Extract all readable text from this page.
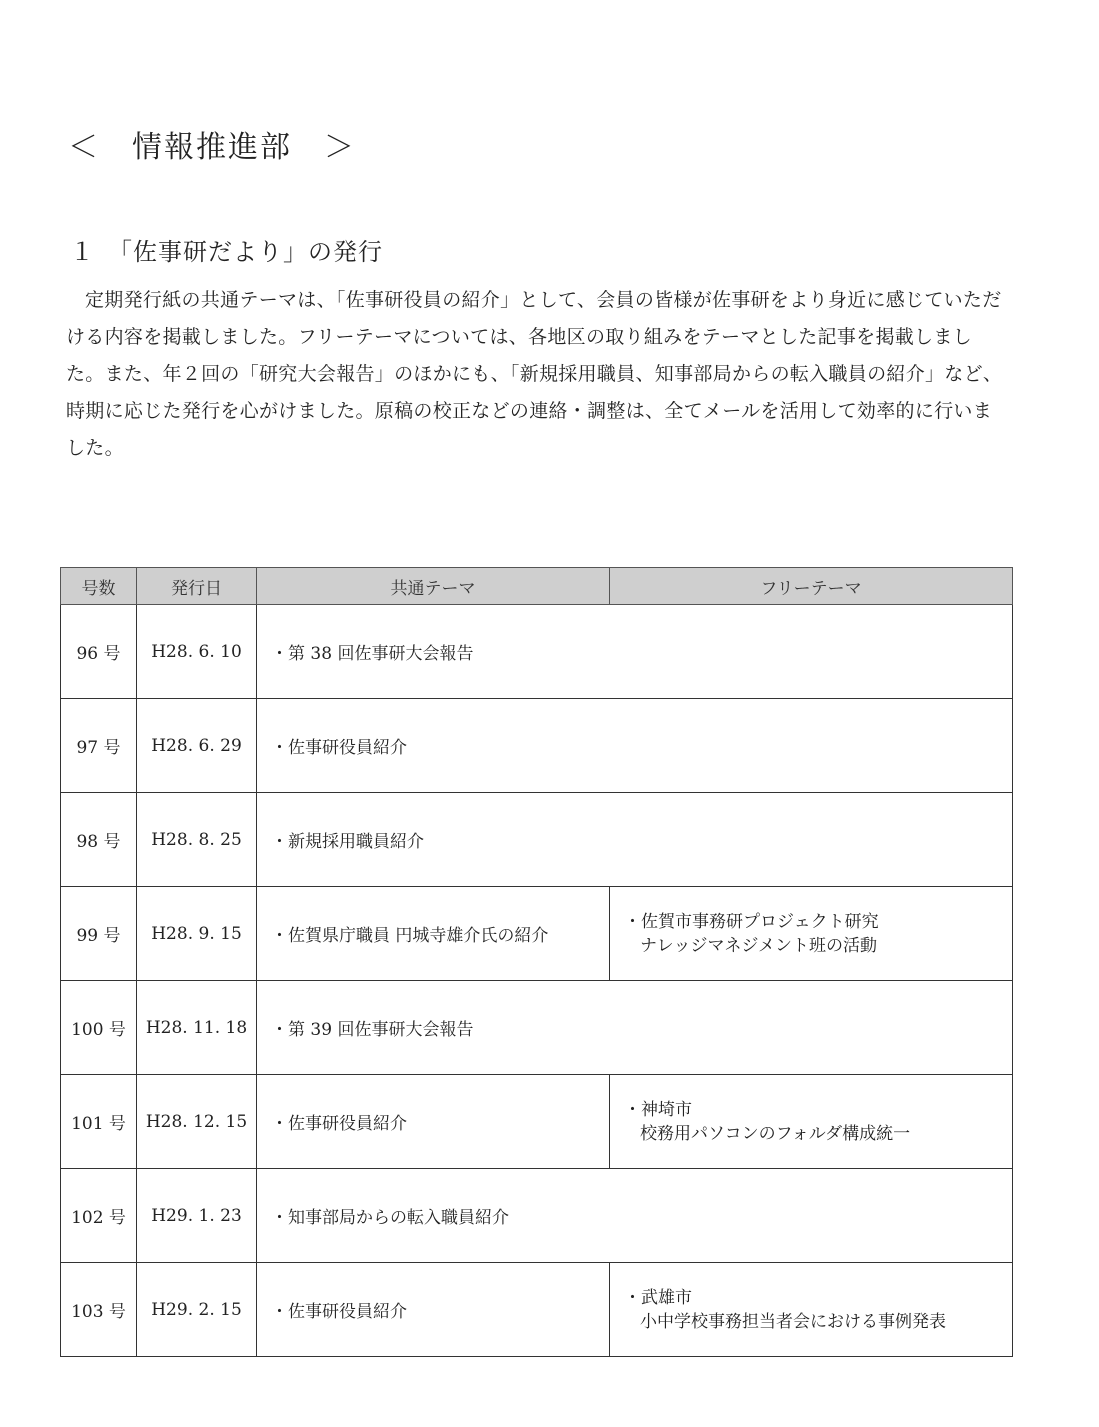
＜　情報推進部　＞
１　「佐事研だより」の発行

定期発行紙の共通テーマは、「佐事研役員の紹介」として、会員の皆様が佐事研をより身近に感じていただける内容を掲載しました。フリーテーマについては、各地区の取り組みをテーマとした記事を掲載しました。また、年２回の「研究大会報告」のほかにも、「新規採用職員、知事部局からの転入職員の紹介」など、時期に応じた発行を心がけました。原稿の校正などの連絡・調整は、全てメールを活用して効率的に行いました。

号数	発行日	共通テーマ	フリーテーマ
96 号	H28. 6. 10	・第 38 回佐事研大会報告	
97 号	H28. 6. 29	・佐事研役員紹介	
98 号	H28. 8. 25	・新規採用職員紹介	
99 号	H28. 9. 15	・佐賀県庁職員 円城寺雄介氏の紹介	・佐賀市事務研プロジェクト研究
ナレッジマネジメント班の活動

100 号	H28. 11. 18	・第 39 回佐事研大会報告	
101 号	H28. 12. 15	・佐事研役員紹介	・神埼市
校務用パソコンのフォルダ構成統一

102 号	H29. 1. 23	・知事部局からの転入職員紹介	
103 号	H29. 2. 15	・佐事研役員紹介	・武雄市
小中学校事務担当者会における事例発表
